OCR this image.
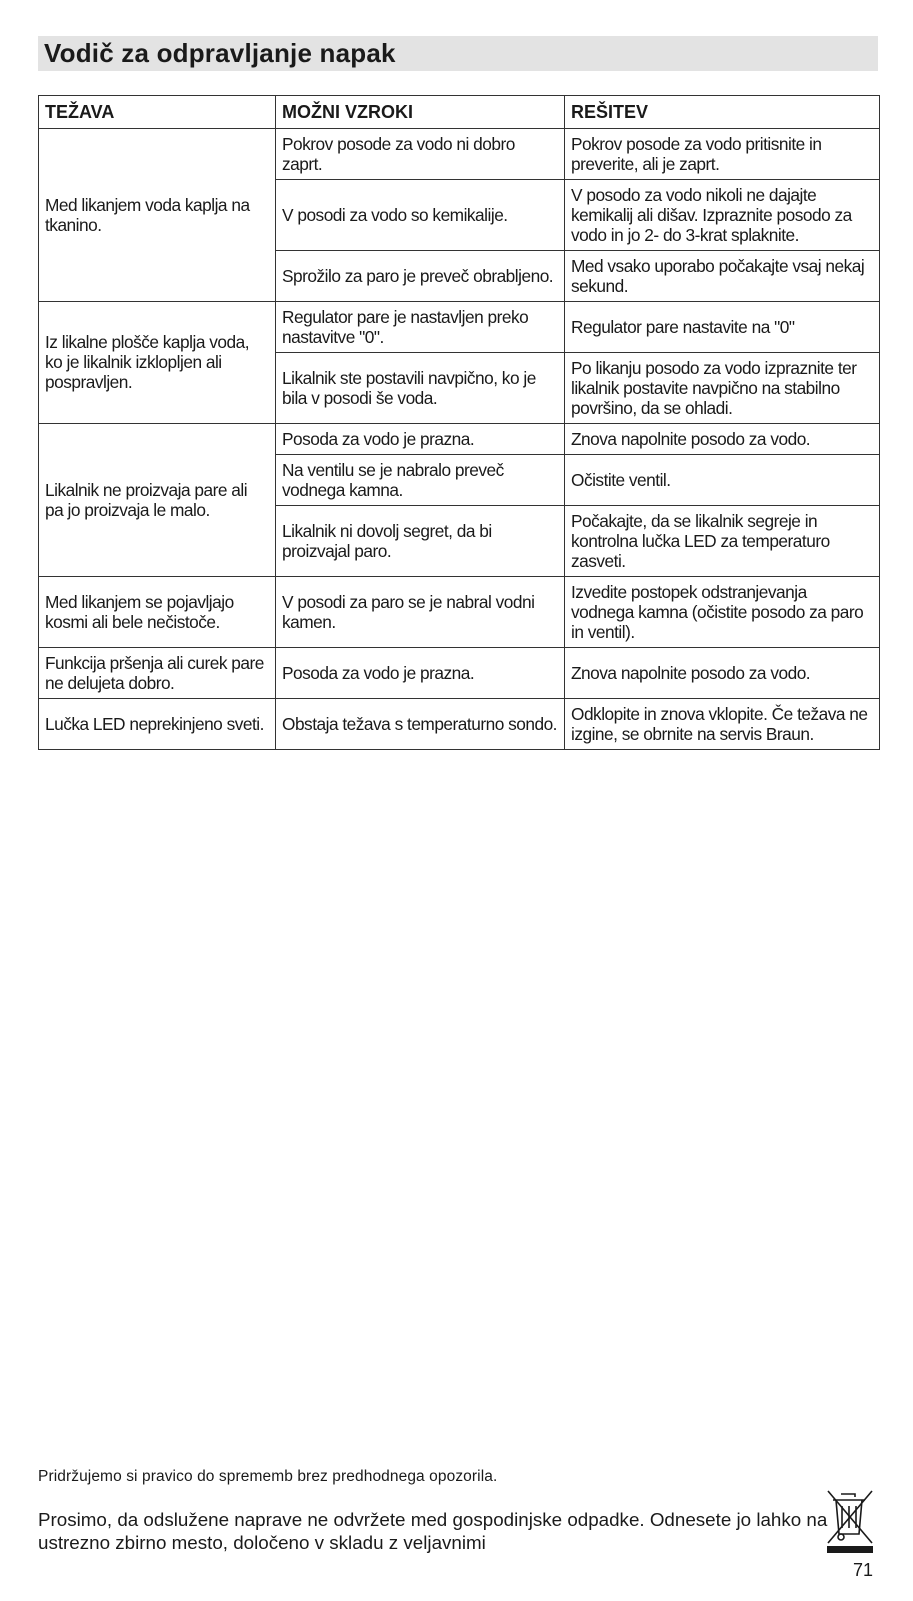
Vodič za odpravljanje napak
TEŽAVA	MOŽNI VZROKI	REŠITEV
Med likanjem voda kaplja na tkanino.	Pokrov posode za vodo ni dobro zaprt.	Pokrov posode za vodo pritisnite in preverite, ali je zaprt.
	V posodi za vodo so kemikalije.	V posodo za vodo nikoli ne dajajte kemikalij ali dišav. Izpraznite posodo za vodo in jo 2- do 3-krat splaknite.
	Sprožilo za paro je preveč obrabljeno.	Med vsako uporabo počakajte vsaj nekaj sekund.
Iz likalne plošče kaplja voda, ko je likalnik izklopljen ali pospravljen.	Regulator pare je nastavljen preko nastavitve "0".	Regulator pare nastavite na "0"
	Likalnik ste postavili navpično, ko je bila v posodi še voda.	Po likanju posodo za vodo izpraznite ter likalnik postavite navpično na stabilno površino, da se ohladi.
Likalnik ne proizvaja pare ali pa jo proizvaja le malo.	Posoda za vodo je prazna.	Znova napolnite posodo za vodo.
	Na ventilu se je nabralo preveč vodnega kamna.	Očistite ventil.
	Likalnik ni dovolj segret, da bi proizvajal paro.	Počakajte, da se likalnik segreje in kontrolna lučka LED za temperaturo zasveti.
Med likanjem se pojavljajo kosmi ali bele nečistoče.	V posodi za paro se je nabral vodni kamen.	Izvedite postopek odstranjevanja vodnega kamna (očistite posodo za paro in ventil).
Funkcija pršenja ali curek pare ne delujeta dobro.	Posoda za vodo je prazna.	Znova napolnite posodo za vodo.
Lučka LED neprekinjeno sveti.	Obstaja težava s temperaturno sondo.	Odklopite in znova vklopite. Če težava ne izgine, se obrnite na servis Braun.
Pridržujemo si pravico do sprememb brez predhodnega opozorila.
Prosimo, da odslužene naprave ne odvržete med gospodinjske odpadke. Odnesete jo lahko na ustrezno zbirno mesto, določeno v skladu z veljavnimi
71
